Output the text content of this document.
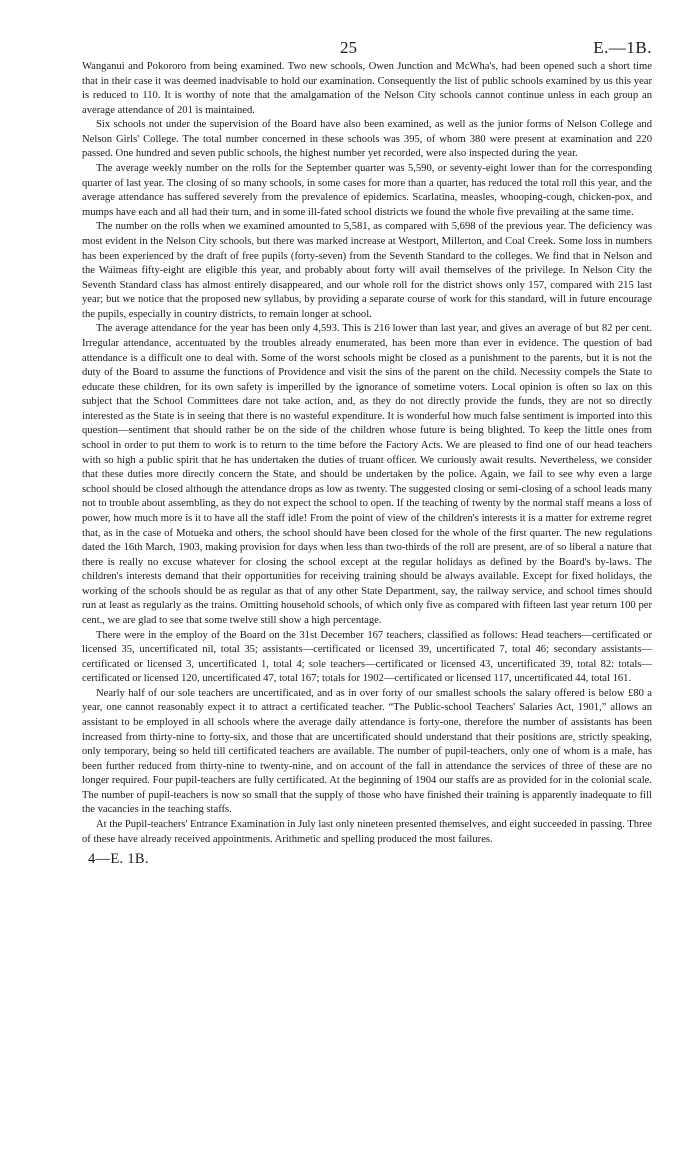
25	E.—1B.

Wanganui and Pokororo from being examined. Two new schools, Owen Junction and McWha's, had been opened such a short time that in their case it was deemed inadvisable to hold our examination. Consequently the list of public schools examined by us this year is reduced to 110. It is worthy of note that the amalgamation of the Nelson City schools cannot continue unless in each group an average attendance of 201 is maintained.

Six schools not under the supervision of the Board have also been examined, as well as the junior forms of Nelson College and Nelson Girls' College. The total number concerned in these schools was 395, of whom 380 were present at examination and 220 passed. One hundred and seven public schools, the highest number yet recorded, were also inspected during the year.

The average weekly number on the rolls for the September quarter was 5,590, or seventy-eight lower than for the corresponding quarter of last year. The closing of so many schools, in some cases for more than a quarter, has reduced the total roll this year, and the average attendance has suffered severely from the prevalence of epidemics. Scarlatina, measles, whooping-cough, chicken-pox, and mumps have each and all had their turn, and in some ill-fated school districts we found the whole five prevailing at the same time.

The number on the rolls when we examined amounted to 5,581, as compared with 5,698 of the previous year. The deficiency was most evident in the Nelson City schools, but there was marked increase at Westport, Millerton, and Coal Creek. Some loss in numbers has been experienced by the draft of free pupils (forty-seven) from the Seventh Standard to the colleges. We find that in Nelson and the Waimeas fifty-eight are eligible this year, and probably about forty will avail themselves of the privilege. In Nelson City the Seventh Standard class has almost entirely disappeared, and our whole roll for the district shows only 157, compared with 215 last year; but we notice that the proposed new syllabus, by providing a separate course of work for this standard, will in future encourage the pupils, especially in country districts, to remain longer at school.

The average attendance for the year has been only 4,593. This is 216 lower than last year, and gives an average of but 82 per cent. Irregular attendance, accentuated by the troubles already enumerated, has been more than ever in evidence. The question of bad attendance is a difficult one to deal with. Some of the worst schools might be closed as a punishment to the parents, but it is not the duty of the Board to assume the functions of Providence and visit the sins of the parent on the child. Necessity compels the State to educate these children, for its own safety is imperilled by the ignorance of sometime voters. Local opinion is often so lax on this subject that the School Committees dare not take action, and, as they do not directly provide the funds, they are not so directly interested as the State is in seeing that there is no wasteful expenditure. It is wonderful how much false sentiment is imported into this question—sentiment that should rather be on the side of the children whose future is being blighted. To keep the little ones from school in order to put them to work is to return to the time before the Factory Acts. We are pleased to find one of our head teachers with so high a public spirit that he has undertaken the duties of truant officer. We curiously await results. Nevertheless, we consider that these duties more directly concern the State, and should be undertaken by the police. Again, we fail to see why even a large school should be closed although the attendance drops as low as twenty. The suggested closing or semi-closing of a school leads many not to trouble about assembling, as they do not expect the school to open. If the teaching of twenty by the normal staff means a loss of power, how much more is it to have all the staff idle! From the point of view of the children's interests it is a matter for extreme regret that, as in the case of Motueka and others, the school should have been closed for the whole of the first quarter. The new regulations dated the 16th March, 1903, making provision for days when less than two-thirds of the roll are present, are of so liberal a nature that there is really no excuse whatever for closing the school except at the regular holidays as defined by the Board's by-laws. The children's interests demand that their opportunities for receiving training should be always available. Except for fixed holidays, the working of the schools should be as regular as that of any other State Department, say, the railway service, and school times should run at least as regularly as the trains. Omitting household schools, of which only five as compared with fifteen last year return 100 per cent., we are glad to see that some twelve still show a high percentage.

There were in the employ of the Board on the 31st December 167 teachers, classified as follows: Head teachers—certificated or licensed 35, uncertificated nil, total 35; assistants—certificated or licensed 39, uncertificated 7, total 46; secondary assistants—certificated or licensed 3, uncertificated 1, total 4; sole teachers—certificated or licensed 43, uncertificated 39, total 82: totals—certificated or licensed 120, uncertificated 47, total 167; totals for 1902—certificated or licensed 117, uncertificated 44, total 161.

Nearly half of our sole teachers are uncertificated, and as in over forty of our smallest schools the salary offered is below £80 a year, one cannot reasonably expect it to attract a certificated teacher. “The Public-school Teachers' Salaries Act, 1901,” allows an assistant to be employed in all schools where the average daily attendance is forty-one, therefore the number of assistants has been increased from thirty-nine to forty-six, and those that are uncertificated should understand that their positions are, strictly speaking, only temporary, being so held till certificated teachers are available. The number of pupil-teachers, only one of whom is a male, has been further reduced from thirty-nine to twenty-nine, and on account of the fall in attendance the services of three of these are no longer required. Four pupil-teachers are fully certificated. At the beginning of 1904 our staffs are as provided for in the colonial scale. The number of pupil-teachers is now so small that the supply of those who have finished their training is apparently inadequate to fill the vacancies in the teaching staffs.

At the Pupil-teachers' Entrance Examination in July last only nineteen presented themselves, and eight succeeded in passing. Three of these have already received appointments. Arithmetic and spelling produced the most failures.

4—E. 1B.
